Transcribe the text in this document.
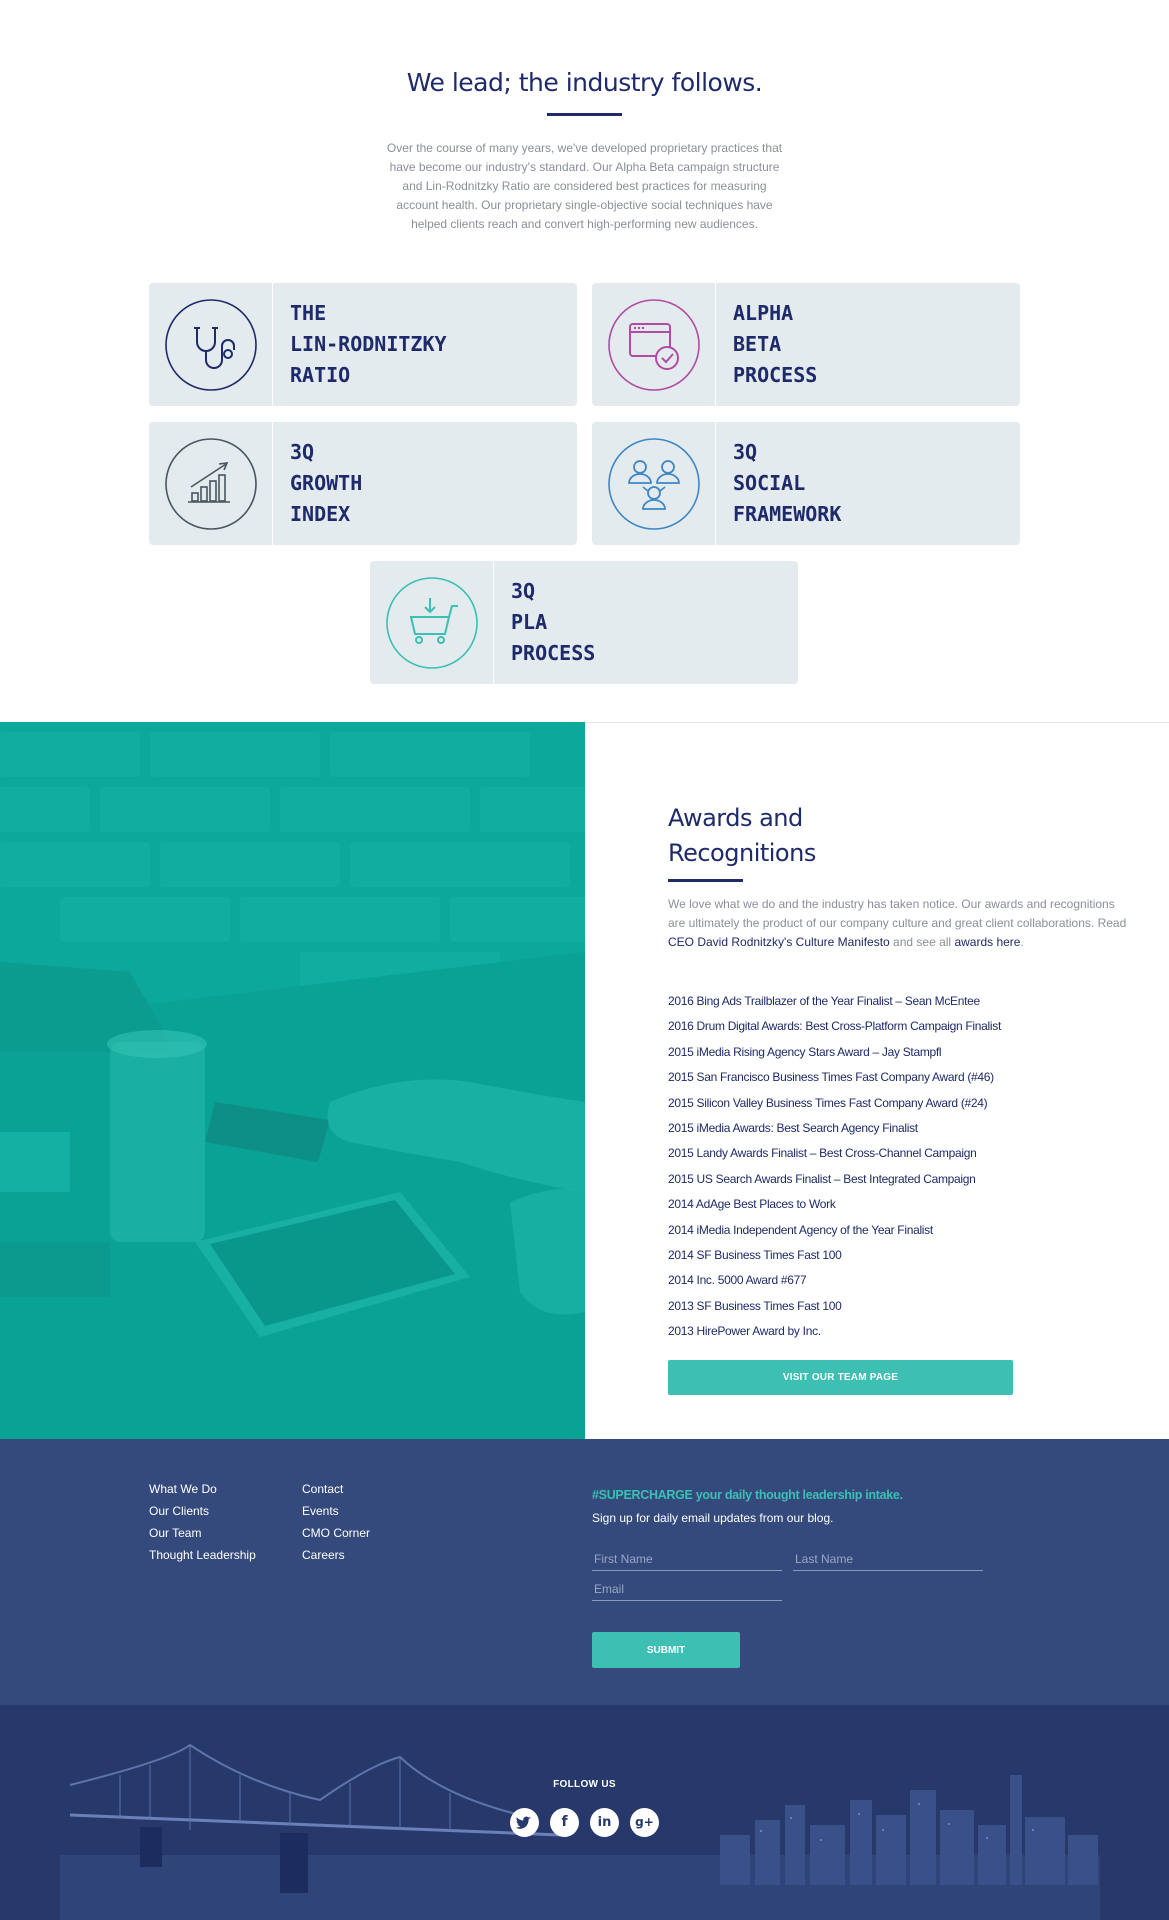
We lead; the industry follows.

Over the course of many years, we've developed proprietary practices that have become our industry's standard. Our Alpha Beta campaign structure and Lin-Rodnitzky Ratio are considered best practices for measuring account health. Our proprietary single-objective social techniques have helped clients reach and convert high-performing new audiences.

THE
LIN-RODNITZKY
RATIO
ALPHA
BETA
PROCESS
3Q
GROWTH
INDEX
3Q
SOCIAL
FRAMEWORK
3Q
PLA
PROCESS
Awards and
Recognitions

We love what we do and the industry has taken notice. Our awards and recognitions are ultimately the product of our company culture and great client collaborations. Read CEO David Rodnitzky's Culture Manifesto and see all awards here.

2016 Bing Ads Trailblazer of the Year Finalist – Sean McEntee
2016 Drum Digital Awards: Best Cross-Platform Campaign Finalist
2015 iMedia Rising Agency Stars Award – Jay Stampfl
2015 San Francisco Business Times Fast Company Award (#46)
2015 Silicon Valley Business Times Fast Company Award (#24)
2015 iMedia Awards: Best Search Agency Finalist
2015 Landy Awards Finalist – Best Cross-Channel Campaign
2015 US Search Awards Finalist – Best Integrated Campaign
2014 AdAge Best Places to Work
2014 iMedia Independent Agency of the Year Finalist
2014 SF Business Times Fast 100
2014 Inc. 5000 Award #677
2013 SF Business Times Fast 100
2013 HirePower Award by Inc.
VISIT OUR TEAM PAGE
What We Do
Our Clients
Our Team
Thought Leadership
Contact
Events
CMO Corner
Careers
#SUPERCHARGE your daily thought leadership intake.
Sign up for daily email updates from our blog.
First Name
Last Name
Email
SUBMIT
FOLLOW US
f	in	g+
